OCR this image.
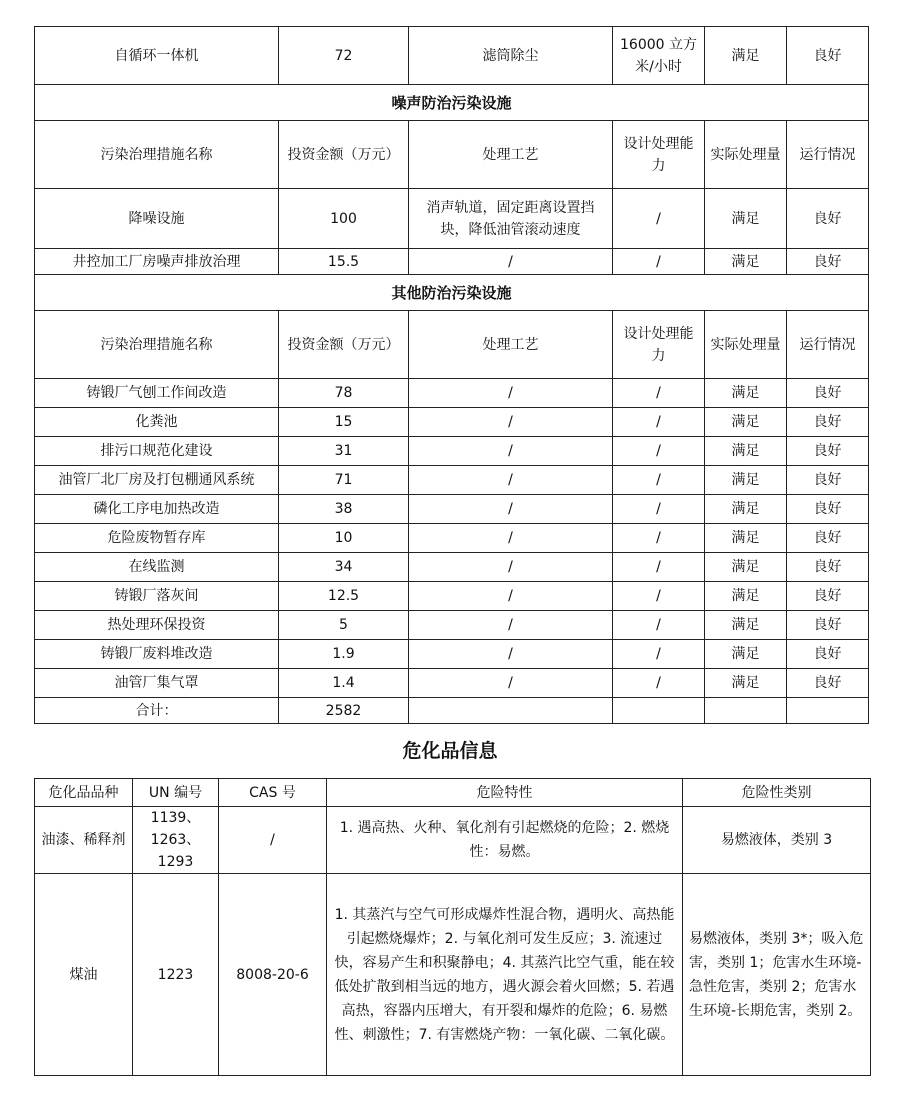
自循环一体机	72	滤筒除尘	16000 立方米/小时	满足	良好
噪声防治污染设施					
污染治理措施名称	投资金额（万元）	处理工艺	设计处理能力	实际处理量	运行情况
降噪设施	100	消声轨道，固定距离设置挡块，降低油管滚动速度	/	满足	良好
井控加工厂房噪声排放治理	15.5	/	/	满足	良好
其他防治污染设施					
污染治理措施名称	投资金额（万元）	处理工艺	设计处理能力	实际处理量	运行情况
铸锻厂气刨工作间改造	78	/	/	满足	良好
化粪池	15	/	/	满足	良好
排污口规范化建设	31	/	/	满足	良好
油管厂北厂房及打包棚通风系统	71	/	/	满足	良好
磷化工序电加热改造	38	/	/	满足	良好
危险废物暂存库	10	/	/	满足	良好
在线监测	34	/	/	满足	良好
铸锻厂落灰间	12.5	/	/	满足	良好
热处理环保投资	5	/	/	满足	良好
铸锻厂废料堆改造	1.9	/	/	满足	良好
油管厂集气罩	1.4	/	/	满足	良好
合计：	2582				
危化品信息
危化品品种	UN 编号	CAS 号	危险特性	危险性类别
油漆、稀释剂	1139、1263、1293	/	1. 遇高热、火种、氧化剂有引起燃烧的危险；2. 燃烧性：易燃。	易燃液体，类别 3
煤油	1223	8008-20-6	1. 其蒸汽与空气可形成爆炸性混合物，遇明火、高热能引起燃烧爆炸；2. 与氧化剂可发生反应；3. 流速过快，容易产生和积聚静电；4. 其蒸汽比空气重，能在较低处扩散到相当远的地方，遇火源会着火回燃；5. 若遇高热，容器内压增大，有开裂和爆炸的危险；6. 易燃性、刺激性；7. 有害燃烧产物：一氧化碳、二氧化碳。	易燃液体，类别 3*；吸入危害，类别 1；危害水生环境-急性危害，类别 2；危害水生环境-长期危害，类别 2。
